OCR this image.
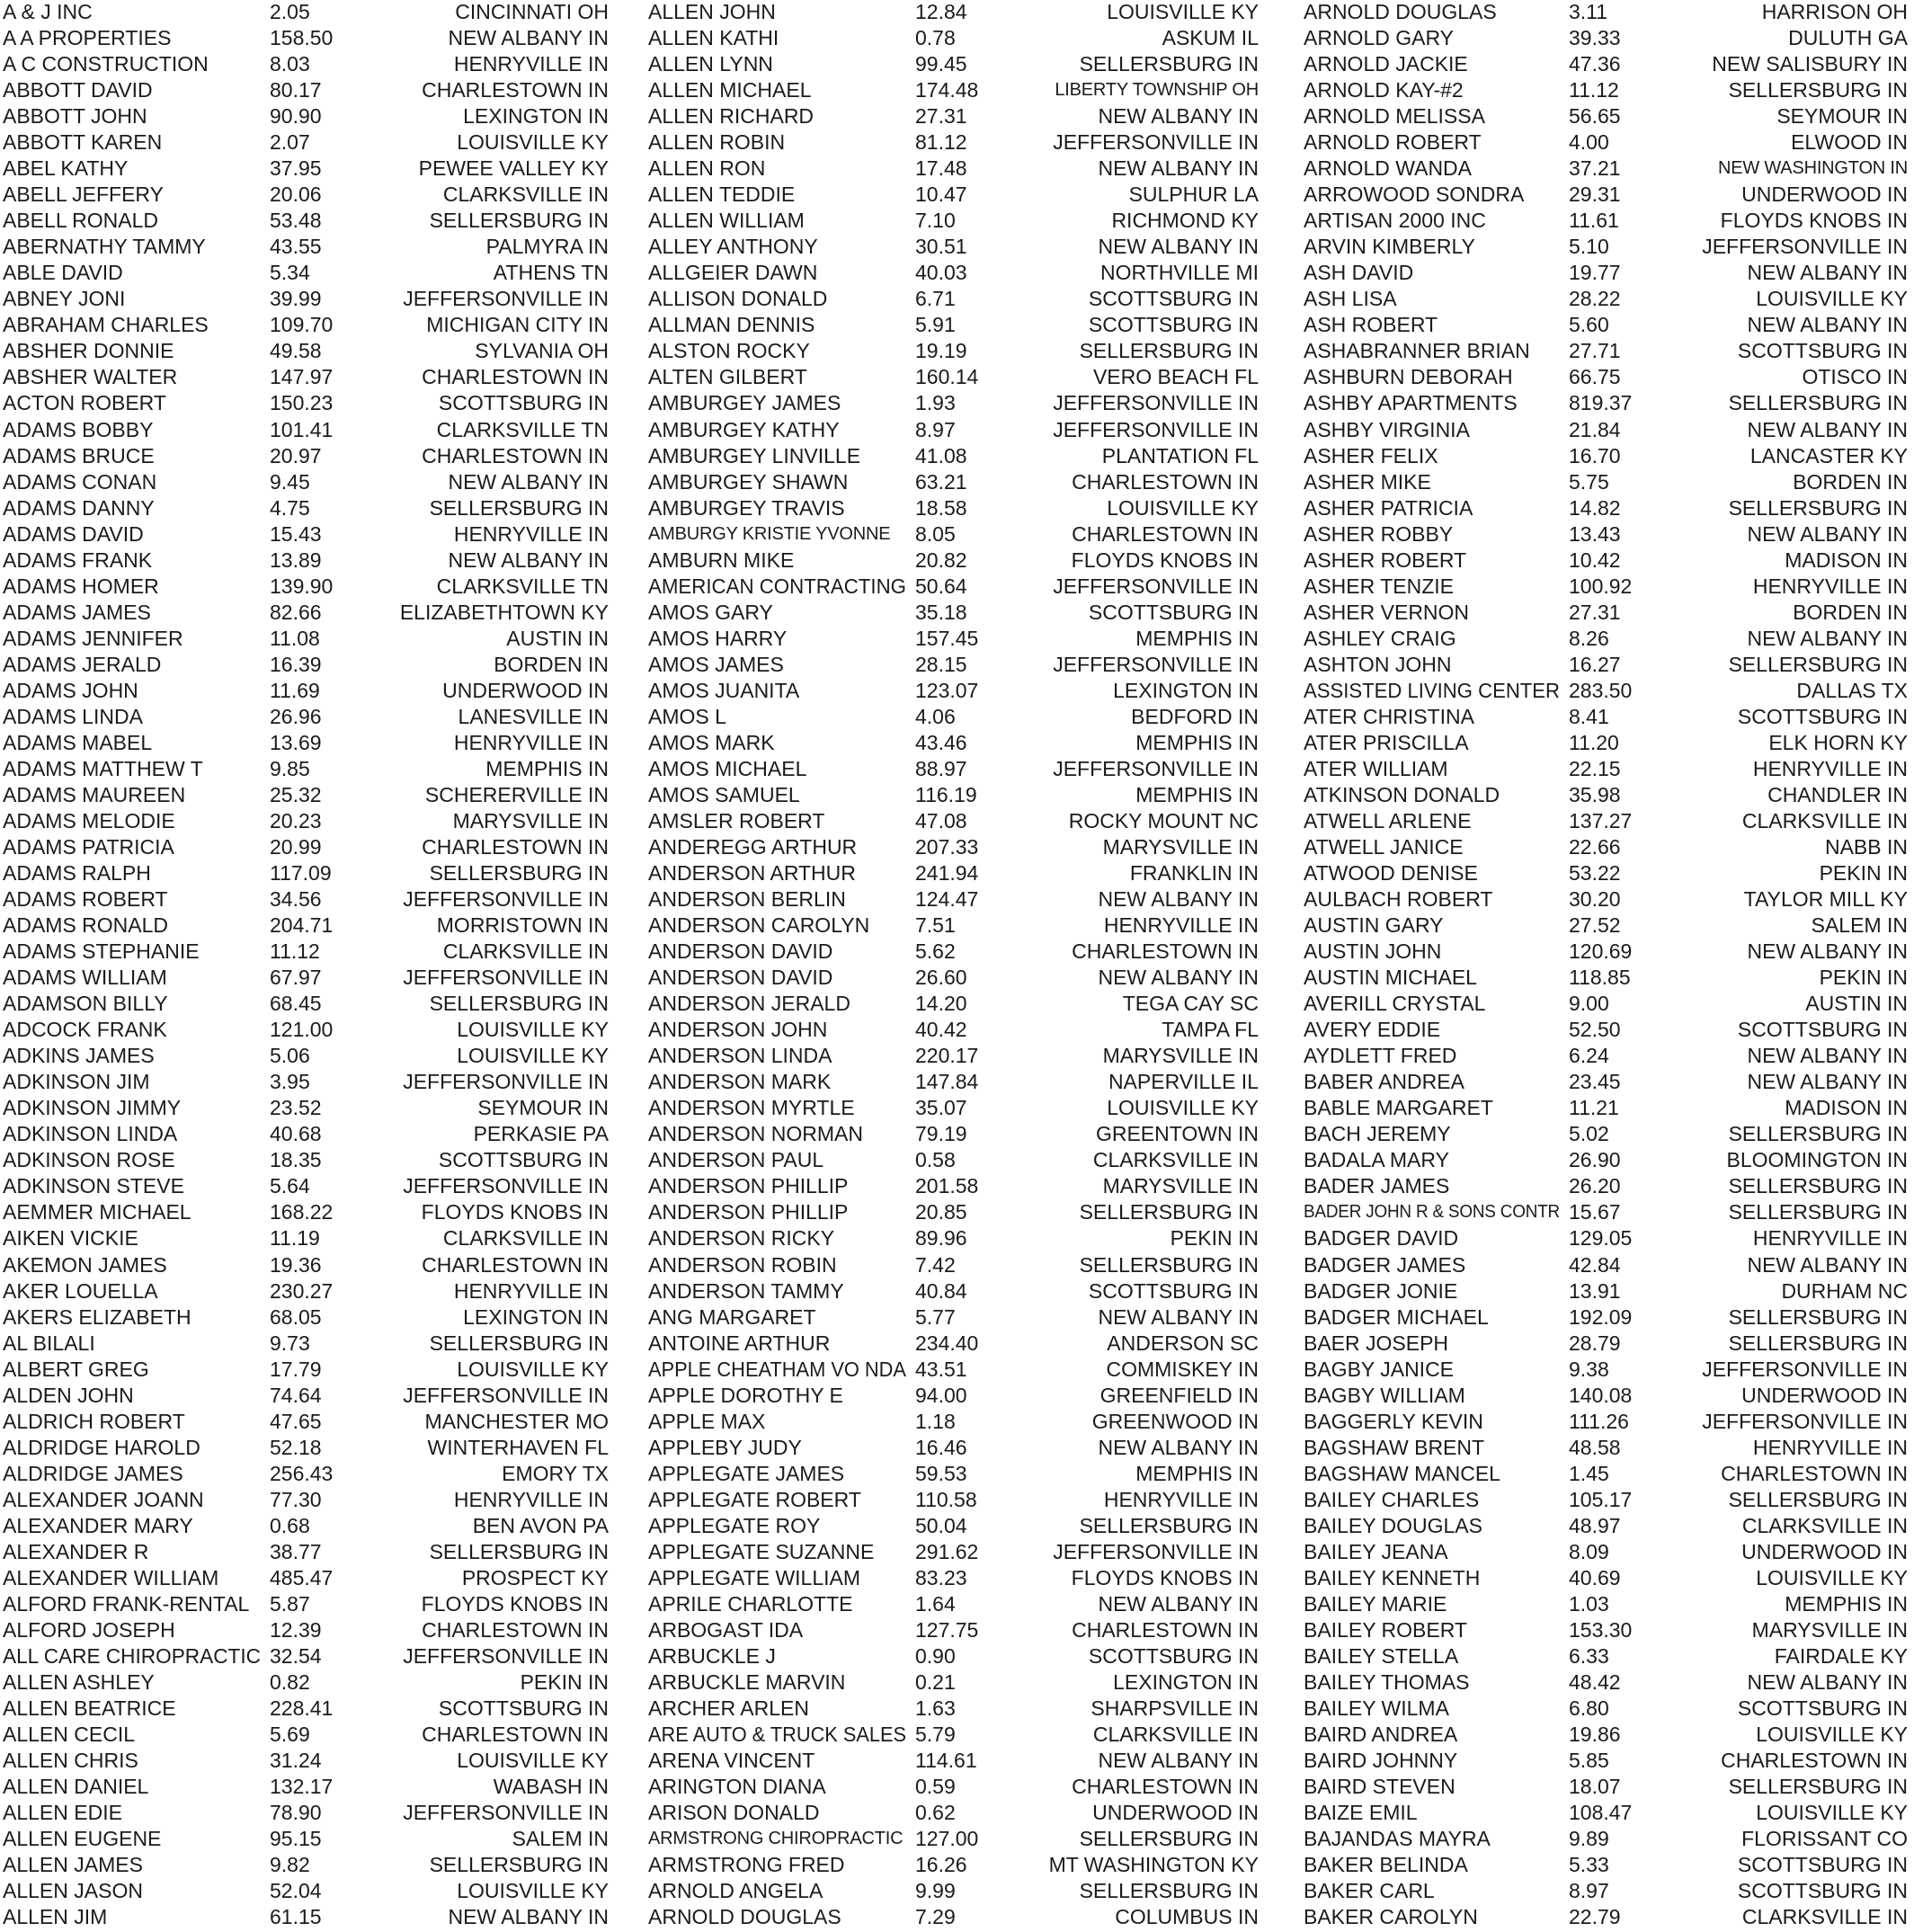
A & J INC	2.05	CINCINNATI OH
A A PROPERTIES	158.50	NEW ALBANY IN
A C CONSTRUCTION	8.03	HENRYVILLE IN
ABBOTT DAVID	80.17	CHARLESTOWN IN
ABBOTT JOHN	90.90	LEXINGTON IN
ABBOTT KAREN	2.07	LOUISVILLE KY
ABEL KATHY	37.95	PEWEE VALLEY KY
ABELL JEFFERY	20.06	CLARKSVILLE IN
ABELL RONALD	53.48	SELLERSBURG IN
ABERNATHY TAMMY	43.55	PALMYRA IN
ABLE DAVID	5.34	ATHENS TN
ABNEY JONI	39.99	JEFFERSONVILLE IN
ABRAHAM CHARLES	109.70	MICHIGAN CITY IN
ABSHER DONNIE	49.58	SYLVANIA OH
ABSHER WALTER	147.97	CHARLESTOWN IN
ACTON ROBERT	150.23	SCOTTSBURG IN
ADAMS BOBBY	101.41	CLARKSVILLE TN
ADAMS BRUCE	20.97	CHARLESTOWN IN
ADAMS CONAN	9.45	NEW ALBANY IN
ADAMS DANNY	4.75	SELLERSBURG IN
ADAMS DAVID	15.43	HENRYVILLE IN
ADAMS FRANK	13.89	NEW ALBANY IN
ADAMS HOMER	139.90	CLARKSVILLE TN
ADAMS JAMES	82.66	ELIZABETHTOWN KY
ADAMS JENNIFER	11.08	AUSTIN IN
ADAMS JERALD	16.39	BORDEN IN
ADAMS JOHN	11.69	UNDERWOOD IN
ADAMS LINDA	26.96	LANESVILLE IN
ADAMS MABEL	13.69	HENRYVILLE IN
ADAMS MATTHEW T	9.85	MEMPHIS IN
ADAMS MAUREEN	25.32	SCHERERVILLE IN
ADAMS MELODIE	20.23	MARYSVILLE IN
ADAMS PATRICIA	20.99	CHARLESTOWN IN
ADAMS RALPH	117.09	SELLERSBURG IN
ADAMS ROBERT	34.56	JEFFERSONVILLE IN
ADAMS RONALD	204.71	MORRISTOWN IN
ADAMS STEPHANIE	11.12	CLARKSVILLE IN
ADAMS WILLIAM	67.97	JEFFERSONVILLE IN
ADAMSON BILLY	68.45	SELLERSBURG IN
ADCOCK FRANK	121.00	LOUISVILLE KY
ADKINS JAMES	5.06	LOUISVILLE KY
ADKINSON JIM	3.95	JEFFERSONVILLE IN
ADKINSON JIMMY	23.52	SEYMOUR IN
ADKINSON LINDA	40.68	PERKASIE PA
ADKINSON ROSE	18.35	SCOTTSBURG IN
ADKINSON STEVE	5.64	JEFFERSONVILLE IN
AEMMER MICHAEL	168.22	FLOYDS KNOBS IN
AIKEN VICKIE	11.19	CLARKSVILLE IN
AKEMON JAMES	19.36	CHARLESTOWN IN
AKER LOUELLA	230.27	HENRYVILLE IN
AKERS ELIZABETH	68.05	LEXINGTON IN
AL BILALI	9.73	SELLERSBURG IN
ALBERT GREG	17.79	LOUISVILLE KY
ALDEN JOHN	74.64	JEFFERSONVILLE IN
ALDRICH ROBERT	47.65	MANCHESTER MO
ALDRIDGE HAROLD	52.18	WINTERHAVEN FL
ALDRIDGE JAMES	256.43	EMORY TX
ALEXANDER JOANN	77.30	HENRYVILLE IN
ALEXANDER MARY	0.68	BEN AVON PA
ALEXANDER R	38.77	SELLERSBURG IN
ALEXANDER WILLIAM 485.47	PROSPECT KY
ALFORD FRANK-RENTAL 5.87	FLOYDS KNOBS IN
ALFORD JOSEPH	12.39	CHARLESTOWN IN
ALL CARE CHIROPRACTIC 32.54	JEFFERSONVILLE IN
ALLEN ASHLEY	0.82	PEKIN IN
ALLEN BEATRICE	228.41	SCOTTSBURG IN
ALLEN CECIL	5.69	CHARLESTOWN IN
ALLEN CHRIS	31.24	LOUISVILLE KY
ALLEN DANIEL	132.17	WABASH IN
ALLEN EDIE	78.90	JEFFERSONVILLE IN
ALLEN EUGENE	95.15	SALEM IN
ALLEN JAMES	9.82	SELLERSBURG IN
ALLEN JASON	52.04	LOUISVILLE KY
ALLEN JIM	61.15	NEW ALBANY IN
ALLEN JOHN	12.84	LOUISVILLE KY
ALLEN KATHI	0.78	ASKUM IL
ALLEN LYNN	99.45	SELLERSBURG IN
ALLEN MICHAEL	174.48	LIBERTY TOWNSHIP OH
ALLEN RICHARD	27.31	NEW ALBANY IN
ALLEN ROBIN	81.12	JEFFERSONVILLE IN
ALLEN RON	17.48	NEW ALBANY IN
ALLEN TEDDIE	10.47	SULPHUR LA
ALLEN WILLIAM	7.10	RICHMOND KY
ALLEY ANTHONY	30.51	NEW ALBANY IN
ALLGEIER DAWN	40.03	NORTHVILLE MI
ALLISON DONALD	6.71	SCOTTSBURG IN
ALLMAN DENNIS	5.91	SCOTTSBURG IN
ALSTON ROCKY	19.19	SELLERSBURG IN
ALTEN GILBERT	160.14	VERO BEACH FL
AMBURGEY JAMES	1.93	JEFFERSONVILLE IN
AMBURGEY KATHY	8.97	JEFFERSONVILLE IN
AMBURGEY LINVILLE	41.08	PLANTATION FL
AMBURGEY SHAWN	63.21	CHARLESTOWN IN
AMBURGEY TRAVIS	18.58	LOUISVILLE KY
AMBURGY KRISTIE YVONNE 8.05	CHARLESTOWN IN
AMBURN MIKE	20.82	FLOYDS KNOBS IN
AMERICAN CONTRACTING 50.64	JEFFERSONVILLE IN
AMOS GARY	35.18	SCOTTSBURG IN
AMOS HARRY	157.45	MEMPHIS IN
AMOS JAMES	28.15	JEFFERSONVILLE IN
AMOS JUANITA	123.07	LEXINGTON IN
AMOS L	4.06	BEDFORD IN
AMOS MARK	43.46	MEMPHIS IN
AMOS MICHAEL	88.97	JEFFERSONVILLE IN
AMOS SAMUEL	116.19	MEMPHIS IN
AMSLER ROBERT	47.08	ROCKY MOUNT NC
ANDEREGG ARTHUR	207.33	MARYSVILLE IN
ANDERSON ARTHUR	241.94	FRANKLIN IN
ANDERSON BERLIN	124.47	NEW ALBANY IN
ANDERSON CAROLYN 7.51	HENRYVILLE IN
ANDERSON DAVID	5.62	CHARLESTOWN IN
ANDERSON DAVID	26.60	NEW ALBANY IN
ANDERSON JERALD	14.20	TEGA CAY SC
ANDERSON JOHN	40.42	TAMPA FL
ANDERSON LINDA	220.17	MARYSVILLE IN
ANDERSON MARK	147.84	NAPERVILLE IL
ANDERSON MYRTLE	35.07	LOUISVILLE KY
ANDERSON NORMAN	79.19	GREENTOWN IN
ANDERSON PAUL	0.58	CLARKSVILLE IN
ANDERSON PHILLIP	201.58	MARYSVILLE IN
ANDERSON PHILLIP	20.85	SELLERSBURG IN
ANDERSON RICKY	89.96	PEKIN IN
ANDERSON ROBIN	7.42	SELLERSBURG IN
ANDERSON TAMMY	40.84	SCOTTSBURG IN
ANG MARGARET	5.77	NEW ALBANY IN
ANTOINE ARTHUR	234.40	ANDERSON SC
APPLE CHEATHAM VO NDA 43.51	COMMISKEY IN
APPLE DOROTHY E	94.00	GREENFIELD IN
APPLE MAX	1.18	GREENWOOD IN
APPLEBY JUDY	16.46	NEW ALBANY IN
APPLEGATE JAMES	59.53	MEMPHIS IN
APPLEGATE ROBERT	110.58	HENRYVILLE IN
APPLEGATE ROY	50.04	SELLERSBURG IN
APPLEGATE SUZANNE 291.62	JEFFERSONVILLE IN
APPLEGATE WILLIAM	83.23	FLOYDS KNOBS IN
APRILE CHARLOTTE	1.64	NEW ALBANY IN
ARBOGAST IDA	127.75	CHARLESTOWN IN
ARBUCKLE J	0.90	SCOTTSBURG IN
ARBUCKLE MARVIN	0.21	LEXINGTON IN
ARCHER ARLEN	1.63	SHARPSVILLE IN
ARE AUTO & TRUCK SALES 5.79	CLARKSVILLE IN
ARENA VINCENT	114.61	NEW ALBANY IN
ARINGTON DIANA	0.59	CHARLESTOWN IN
ARISON DONALD	0.62	UNDERWOOD IN
ARMSTRONG CHIROPRACTIC 127.00	SELLERSBURG IN
ARMSTRONG FRED	16.26	MT WASHINGTON KY
ARNOLD ANGELA	9.99	SELLERSBURG IN
ARNOLD DOUGLAS	7.29	COLUMBUS IN
ARNOLD DOUGLAS	3.11	HARRISON OH
ARNOLD GARY	39.33	DULUTH GA
ARNOLD JACKIE	47.36	NEW SALISBURY IN
ARNOLD KAY-#2	11.12	SELLERSBURG IN
ARNOLD MELISSA	56.65	SEYMOUR IN
ARNOLD ROBERT	4.00	ELWOOD IN
ARNOLD WANDA	37.21	NEW WASHINGTON IN
ARROWOOD SONDRA 29.31	UNDERWOOD IN
ARTISAN 2000 INC	11.61	FLOYDS KNOBS IN
ARVIN KIMBERLY	5.10	JEFFERSONVILLE IN
ASH DAVID	19.77	NEW ALBANY IN
ASH LISA	28.22	LOUISVILLE KY
ASH ROBERT	5.60	NEW ALBANY IN
ASHABRANNER BRIAN 27.71	SCOTTSBURG IN
ASHBURN DEBORAH	66.75	OTISCO IN
ASHBY APARTMENTS 819.37	SELLERSBURG IN
ASHBY VIRGINIA	21.84	NEW ALBANY IN
ASHER FELIX	16.70	LANCASTER KY
ASHER MIKE	5.75	BORDEN IN
ASHER PATRICIA	14.82	SELLERSBURG IN
ASHER ROBBY	13.43	NEW ALBANY IN
ASHER ROBERT	10.42	MADISON IN
ASHER TENZIE	100.92	HENRYVILLE IN
ASHER VERNON	27.31	BORDEN IN
ASHLEY CRAIG	8.26	NEW ALBANY IN
ASHTON JOHN	16.27	SELLERSBURG IN
ASSISTED LIVING CENTER 283.50	DALLAS TX
ATER CHRISTINA	8.41	SCOTTSBURG IN
ATER PRISCILLA	11.20	ELK HORN KY
ATER WILLIAM	22.15	HENRYVILLE IN
ATKINSON DONALD	35.98	CHANDLER IN
ATWELL ARLENE	137.27	CLARKSVILLE IN
ATWELL JANICE	22.66	NABB IN
ATWOOD DENISE	53.22	PEKIN IN
AULBACH ROBERT	30.20	TAYLOR MILL KY
AUSTIN GARY	27.52	SALEM IN
AUSTIN JOHN	120.69	NEW ALBANY IN
AUSTIN MICHAEL	118.85	PEKIN IN
AVERILL CRYSTAL	9.00	AUSTIN IN
AVERY EDDIE	52.50	SCOTTSBURG IN
AYDLETT FRED	6.24	NEW ALBANY IN
BABER ANDREA	23.45	NEW ALBANY IN
BABLE MARGARET	11.21	MADISON IN
BACH JEREMY	5.02	SELLERSBURG IN
BADALA MARY	26.90	BLOOMINGTON IN
BADER JAMES	26.20	SELLERSBURG IN
BADER JOHN R & SONS CONTR 15.67	SELLERSBURG IN
BADGER DAVID	129.05	HENRYVILLE IN
BADGER JAMES	42.84	NEW ALBANY IN
BADGER JONIE	13.91	DURHAM NC
BADGER MICHAEL	192.09	SELLERSBURG IN
BAER JOSEPH	28.79	SELLERSBURG IN
BAGBY JANICE	9.38	JEFFERSONVILLE IN
BAGBY WILLIAM	140.08	UNDERWOOD IN
BAGGERLY KEVIN	111.26	JEFFERSONVILLE IN
BAGSHAW BRENT	48.58	HENRYVILLE IN
BAGSHAW MANCEL	1.45	CHARLESTOWN IN
BAILEY CHARLES	105.17	SELLERSBURG IN
BAILEY DOUGLAS	48.97	CLARKSVILLE IN
BAILEY JEANA	8.09	UNDERWOOD IN
BAILEY KENNETH	40.69	LOUISVILLE KY
BAILEY MARIE	1.03	MEMPHIS IN
BAILEY ROBERT	153.30	MARYSVILLE IN
BAILEY STELLA	6.33	FAIRDALE KY
BAILEY THOMAS	48.42	NEW ALBANY IN
BAILEY WILMA	6.80	SCOTTSBURG IN
BAIRD ANDREA	19.86	LOUISVILLE KY
BAIRD JOHNNY	5.85	CHARLESTOWN IN
BAIRD STEVEN	18.07	SELLERSBURG IN
BAIZE EMIL	108.47	LOUISVILLE KY
BAJANDAS MAYRA	9.89	FLORISSANT CO
BAKER BELINDA	5.33	SCOTTSBURG IN
BAKER CARL	8.97	SCOTTSBURG IN
BAKER CAROLYN	22.79	CLARKSVILLE IN
